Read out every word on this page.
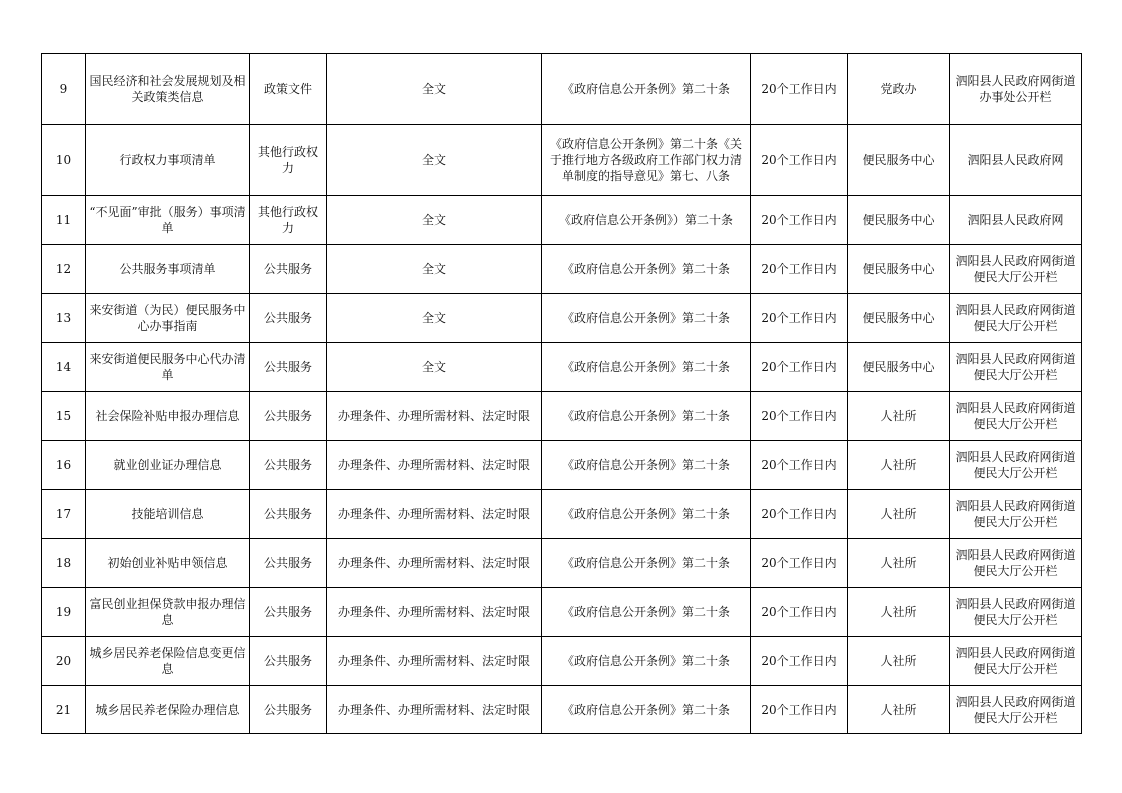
9	国民经济和社会发展规划及相关政策类信息	政策文件	全文	《政府信息公开条例》第二十条	20个工作日内	党政办	泗阳县人民政府网街道办事处公开栏
10	行政权力事项清单	其他行政权力	全文	《政府信息公开条例》第二十条《关于推行地方各级政府工作部门权力清单制度的指导意见》第七、八条	20个工作日内	便民服务中心	泗阳县人民政府网
11	“不见面”审批（服务）事项清单	其他行政权力	全文	《政府信息公开条例》）第二十条	20个工作日内	便民服务中心	泗阳县人民政府网
12	公共服务事项清单	公共服务	全文	《政府信息公开条例》第二十条	20个工作日内	便民服务中心	泗阳县人民政府网街道便民大厅公开栏
13	来安街道（为民）便民服务中心办事指南	公共服务	全文	《政府信息公开条例》第二十条	20个工作日内	便民服务中心	泗阳县人民政府网街道便民大厅公开栏
14	来安街道便民服务中心代办清单	公共服务	全文	《政府信息公开条例》第二十条	20个工作日内	便民服务中心	泗阳县人民政府网街道便民大厅公开栏
15	社会保险补贴申报办理信息	公共服务	办理条件、办理所需材料、法定时限	《政府信息公开条例》第二十条	20个工作日内	人社所	泗阳县人民政府网街道便民大厅公开栏
16	就业创业证办理信息	公共服务	办理条件、办理所需材料、法定时限	《政府信息公开条例》第二十条	20个工作日内	人社所	泗阳县人民政府网街道便民大厅公开栏
17	技能培训信息	公共服务	办理条件、办理所需材料、法定时限	《政府信息公开条例》第二十条	20个工作日内	人社所	泗阳县人民政府网街道便民大厅公开栏
18	初始创业补贴申领信息	公共服务	办理条件、办理所需材料、法定时限	《政府信息公开条例》第二十条	20个工作日内	人社所	泗阳县人民政府网街道便民大厅公开栏
19	富民创业担保贷款申报办理信息	公共服务	办理条件、办理所需材料、法定时限	《政府信息公开条例》第二十条	20个工作日内	人社所	泗阳县人民政府网街道便民大厅公开栏
20	城乡居民养老保险信息变更信息	公共服务	办理条件、办理所需材料、法定时限	《政府信息公开条例》第二十条	20个工作日内	人社所	泗阳县人民政府网街道便民大厅公开栏
21	城乡居民养老保险办理信息	公共服务	办理条件、办理所需材料、法定时限	《政府信息公开条例》第二十条	20个工作日内	人社所	泗阳县人民政府网街道便民大厅公开栏
